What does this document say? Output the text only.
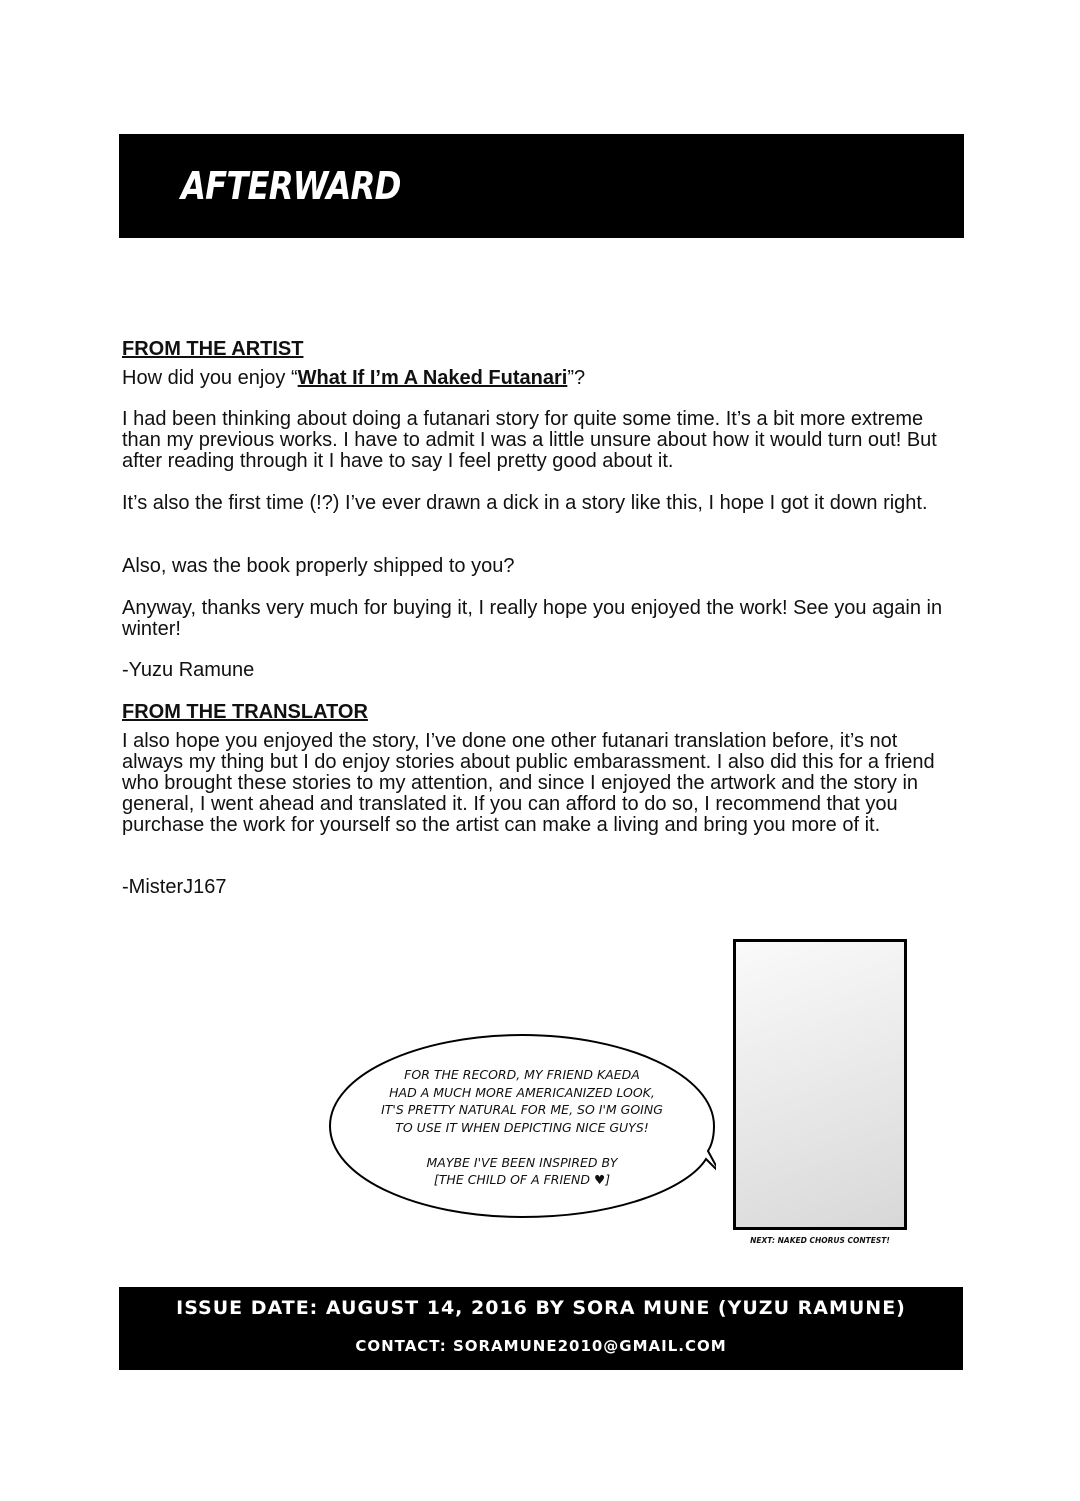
AFTERWARD
FROM THE ARTIST

How did you enjoy “What If I’m A Naked Futanari”?

I had been thinking about doing a futanari story for quite some time. It’s a bit more extreme than my previous works. I have to admit I was a little unsure about how it would turn out! But after reading through it I have to say I feel pretty good about it.

It’s also the first time (!?) I’ve ever drawn a dick in a story like this, I hope I got it down right.

Also, was the book properly shipped to you?

Anyway, thanks very much for buying it, I really hope you enjoyed the work! See you again in winter!

-Yuzu Ramune

FROM THE TRANSLATOR

I also hope you enjoyed the story, I’ve done one other futanari translation before, it’s not always my thing but I do enjoy stories about public embarassment. I also did this for a friend who brought these stories to my attention, and since I enjoyed the artwork and the story in general, I went ahead and translated it. If you can afford to do so, I recommend that you purchase the work for yourself so the artist can make a living and bring you more of it.

-MisterJ167

FOR THE RECORD, MY FRIEND KAEDA
HAD A MUCH MORE AMERICANIZED LOOK,
IT'S PRETTY NATURAL FOR ME, SO I'M GOING
TO USE IT WHEN DEPICTING NICE GUYS!
MAYBE I'VE BEEN INSPIRED BY
[THE CHILD OF A FRIEND ♥]
NEXT: NAKED CHORUS CONTEST!
ISSUE DATE: AUGUST 14, 2016 BY SORA MUNE (YUZU RAMUNE)
CONTACT: SORAMUNE2010@GMAIL.COM
